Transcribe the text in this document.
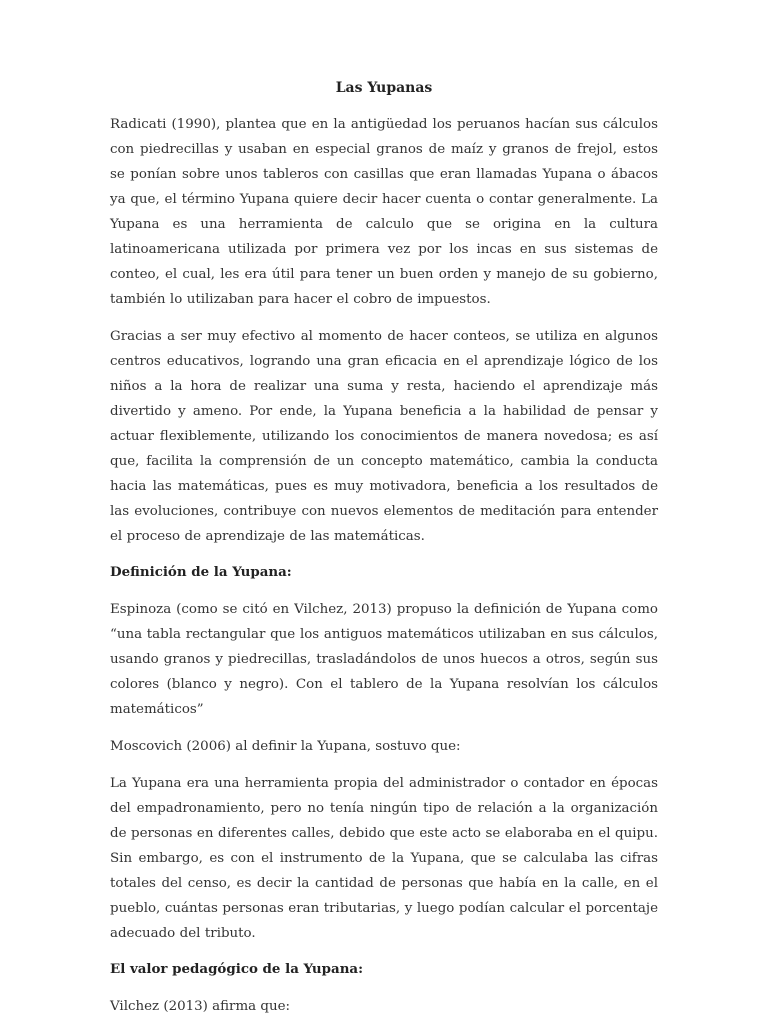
Las Yupanas

Radicati (1990), plantea que en la antigüedad los peruanos hacían sus cálculos con piedrecillas y usaban en especial granos de maíz y granos de frejol, estos se ponían sobre unos tableros con casillas que eran llamadas Yupana o ábacos ya que, el término Yupana quiere decir hacer cuenta o contar generalmente. La Yupana es una herramienta de calculo que se origina en la cultura latinoamericana utilizada por primera vez por los incas en sus sistemas de conteo, el cual, les era útil para tener un buen orden y manejo de su gobierno, también lo utilizaban para hacer el cobro de impuestos.

Gracias a ser muy efectivo al momento de hacer conteos, se utiliza en algunos centros educativos, logrando una gran eficacia en el aprendizaje lógico de los niños a la hora de realizar una suma y resta, haciendo el aprendizaje más divertido y ameno. Por ende, la Yupana beneficia a la habilidad de pensar y actuar flexiblemente, utilizando los conocimientos de manera novedosa; es así que, facilita la comprensión de un concepto matemático, cambia la conducta hacia las matemáticas, pues es muy motivadora, beneficia a los resultados de las evoluciones, contribuye con nuevos elementos de meditación para entender el proceso de aprendizaje de las matemáticas.

Definición de la Yupana:

Espinoza (como se citó en Vilchez, 2013) propuso la definición de Yupana como “una tabla rectangular que los antiguos matemáticos utilizaban en sus cálculos, usando granos y piedrecillas, trasladándolos de unos huecos a otros, según sus colores (blanco y negro). Con el tablero de la Yupana resolvían los cálculos matemáticos”

Moscovich (2006) al definir la Yupana, sostuvo que:

La Yupana era una herramienta propia del administrador o contador en épocas del empadronamiento, pero no tenía ningún tipo de relación a la organización de personas en diferentes calles, debido que este acto se elaboraba en el quipu. Sin embargo, es con el instrumento de la Yupana, que se calculaba las cifras totales del censo, es decir la cantidad de personas que había en la calle, en el pueblo, cuántas personas eran tributarias, y luego podían calcular el porcentaje adecuado del tributo.

El valor pedagógico de la Yupana:

Vilchez (2013) afirma que:
